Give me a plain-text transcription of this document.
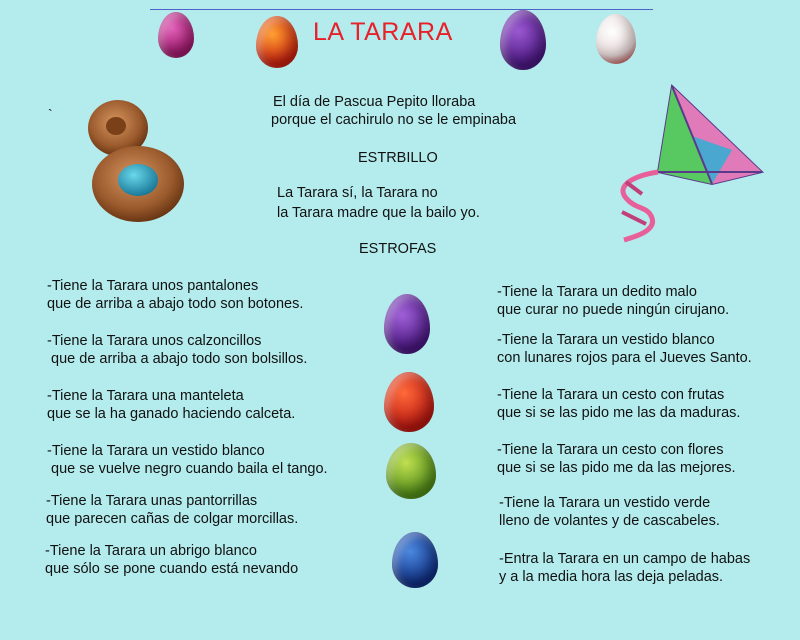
LA TARARA
`
El día de Pascua Pepito lloraba
porque el cachirulo no se le empinaba
ESTRBILLO
La Tarara sí, la Tarara no
la Tarara madre que la bailo yo.
ESTROFAS
-Tiene la Tarara unos pantalones
que de arriba a abajo todo son botones.
-Tiene la Tarara unos calzoncillos
que de arriba a abajo todo son bolsillos.
-Tiene la Tarara una manteleta
que se la ha ganado haciendo calceta.
-Tiene la Tarara un vestido blanco
que se vuelve negro cuando baila el tango.
-Tiene la Tarara unas pantorrillas
que parecen cañas de colgar morcillas.
-Tiene la Tarara un abrigo blanco
que sólo se pone cuando está nevando
-Tiene la Tarara un dedito malo
que curar no puede ningún cirujano.
-Tiene la Tarara un vestido blanco
con lunares rojos para el Jueves Santo.
-Tiene la Tarara un cesto con frutas
que si se las pido me las da maduras.
-Tiene la Tarara un cesto con flores
que si se las pido me da las mejores.
-Tiene la Tarara un vestido verde
lleno de volantes y de cascabeles.
-Entra la Tarara en un campo de habas
y a la media hora las deja peladas.
